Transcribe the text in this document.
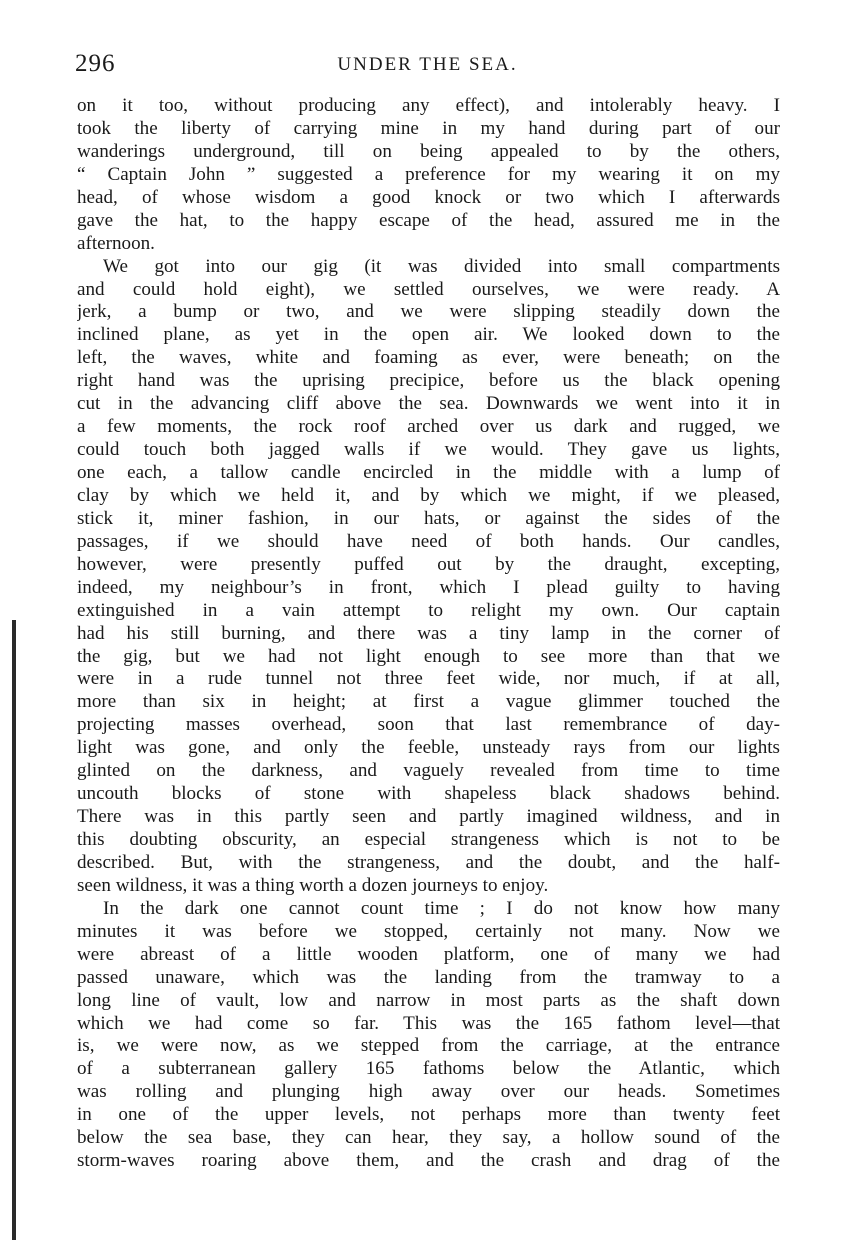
296	UNDER THE SEA.
on it too, without producing any effect), and intolerably heavy. I
took the liberty of carrying mine in my hand during part of our
wanderings underground, till on being appealed to by the others,
“ Captain John ” suggested a preference for my wearing it on my
head, of whose wisdom a good knock or two which I afterwards
gave the hat, to the happy escape of the head, assured me in the
afternoon.
We got into our gig (it was divided into small compartments
and could hold eight), we settled ourselves, we were ready. A
jerk, a bump or two, and we were slipping steadily down the
inclined plane, as yet in the open air. We looked down to the
left, the waves, white and foaming as ever, were beneath; on the
right hand was the uprising precipice, before us the black opening
cut in the advancing cliff above the sea. Downwards we went into it in
a few moments, the rock roof arched over us dark and rugged, we
could touch both jagged walls if we would. They gave us lights,
one each, a tallow candle encircled in the middle with a lump of
clay by which we held it, and by which we might, if we pleased,
stick it, miner fashion, in our hats, or against the sides of the
passages, if we should have need of both hands. Our candles,
however, were presently puffed out by the draught, excepting,
indeed, my neighbour’s in front, which I plead guilty to having
extinguished in a vain attempt to relight my own. Our captain
had his still burning, and there was a tiny lamp in the corner of
the gig, but we had not light enough to see more than that we
were in a rude tunnel not three feet wide, nor much, if at all,
more than six in height; at first a vague glimmer touched the
projecting masses overhead, soon that last remembrance of day-
light was gone, and only the feeble, unsteady rays from our lights
glinted on the darkness, and vaguely revealed from time to time
uncouth blocks of stone with shapeless black shadows behind.
There was in this partly seen and partly imagined wildness, and in
this doubting obscurity, an especial strangeness which is not to be
described. But, with the strangeness, and the doubt, and the half-
seen wildness, it was a thing worth a dozen journeys to enjoy.
In the dark one cannot count time ; I do not know how many
minutes it was before we stopped, certainly not many. Now we
were abreast of a little wooden platform, one of many we had
passed unaware, which was the landing from the tramway to a
long line of vault, low and narrow in most parts as the shaft down
which we had come so far. This was the 165 fathom level—that
is, we were now, as we stepped from the carriage, at the entrance
of a subterranean gallery 165 fathoms below the Atlantic, which
was rolling and plunging high away over our heads. Sometimes
in one of the upper levels, not perhaps more than twenty feet
below the sea base, they can hear, they say, a hollow sound of the
storm-waves roaring above them, and the crash and drag of the
